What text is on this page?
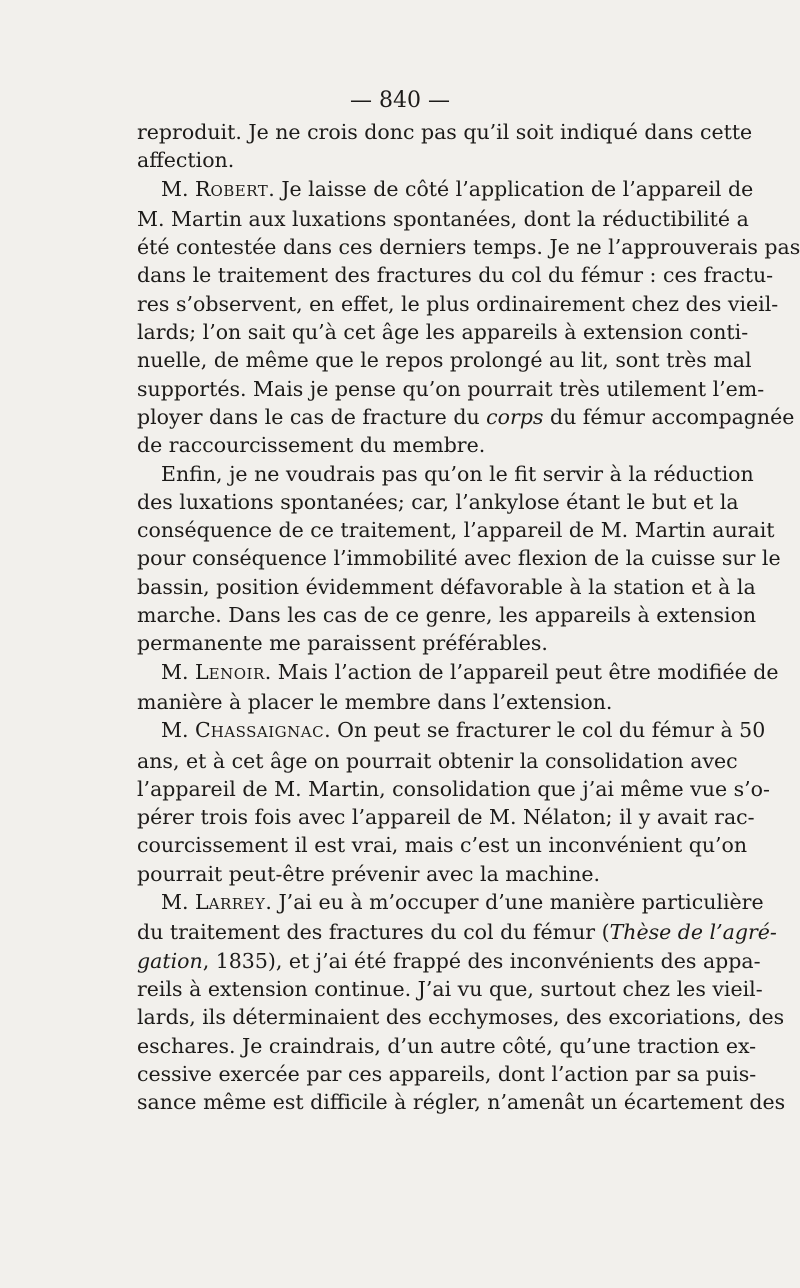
— 840 —
reproduit. Je ne crois donc pas qu’il soit indiqué dans cette
affection.
M. ROBERT. Je laisse de côté l’application de l’appareil de
M. Martin aux luxations spontanées, dont la réductibilité a
été contestée dans ces derniers temps. Je ne l’approuverais pas
dans le traitement des fractures du col du fémur : ces fractu-
res s’observent, en effet, le plus ordinairement chez des vieil-
lards; l’on sait qu’à cet âge les appareils à extension conti-
nuelle, de même que le repos prolongé au lit, sont très mal
supportés. Mais je pense qu’on pourrait très utilement l’em-
ployer dans le cas de fracture du corps du fémur accompagnée
de raccourcissement du membre.
Enfin, je ne voudrais pas qu’on le fit servir à la réduction
des luxations spontanées; car, l’ankylose étant le but et la
conséquence de ce traitement, l’appareil de M. Martin aurait
pour conséquence l’immobilité avec flexion de la cuisse sur le
bassin, position évidemment défavorable à la station et à la
marche. Dans les cas de ce genre, les appareils à extension
permanente me paraissent préférables.
M. LENOIR. Mais l’action de l’appareil peut être modifiée de
manière à placer le membre dans l’extension.
M. CHASSAIGNAC. On peut se fracturer le col du fémur à 50
ans, et à cet âge on pourrait obtenir la consolidation avec
l’appareil de M. Martin, consolidation que j’ai même vue s’o-
pérer trois fois avec l’appareil de M. Nélaton; il y avait rac-
courcissement il est vrai, mais c’est un inconvénient qu’on
pourrait peut-être prévenir avec la machine.
M. LARREY. J’ai eu à m’occuper d’une manière particulière
du traitement des fractures du col du fémur (Thèse de l’agré-
gation, 1835), et j’ai été frappé des inconvénients des appa-
reils à extension continue. J’ai vu que, surtout chez les vieil-
lards, ils déterminaient des ecchymoses, des excoriations, des
eschares. Je craindrais, d’un autre côté, qu’une traction ex-
cessive exercée par ces appareils, dont l’action par sa puis-
sance même est difficile à régler, n’amenât un écartement des
